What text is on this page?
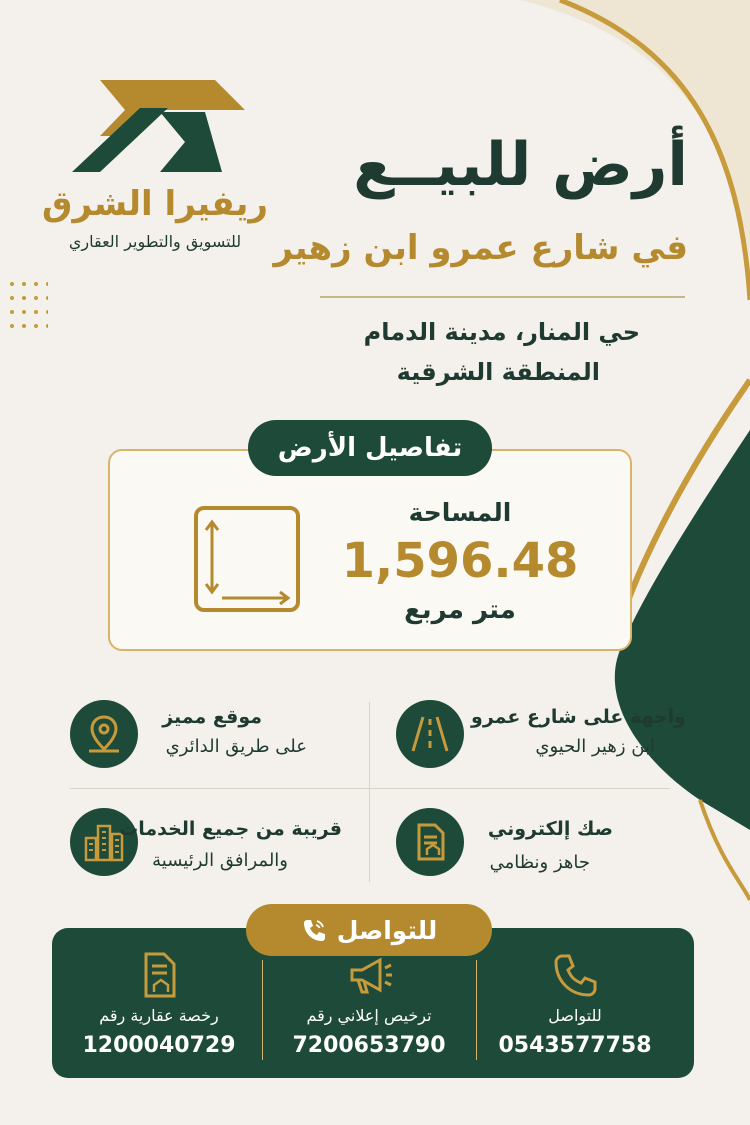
ريفيرا الشرق
للتسويق والتطوير العقاري
أرض للبيــع
في شارع عمرو ابن زهير
حي المنار، مدينة الدمام
المنطقة الشرقية
تفاصيل الأرض
المساحة
1,596.48
متر مربع
واجهة على شارع عمرو
ابن زهير الحيوي
موقع مميز
على طريق الدائري
صك إلكتروني
جاهز ونظامي
قريبة من جميع الخدمات
والمرافق الرئيسية
للتواصل
للتواصل
0543577758
ترخيص إعلاني رقم
7200653790
رخصة عقارية رقم
1200040729
